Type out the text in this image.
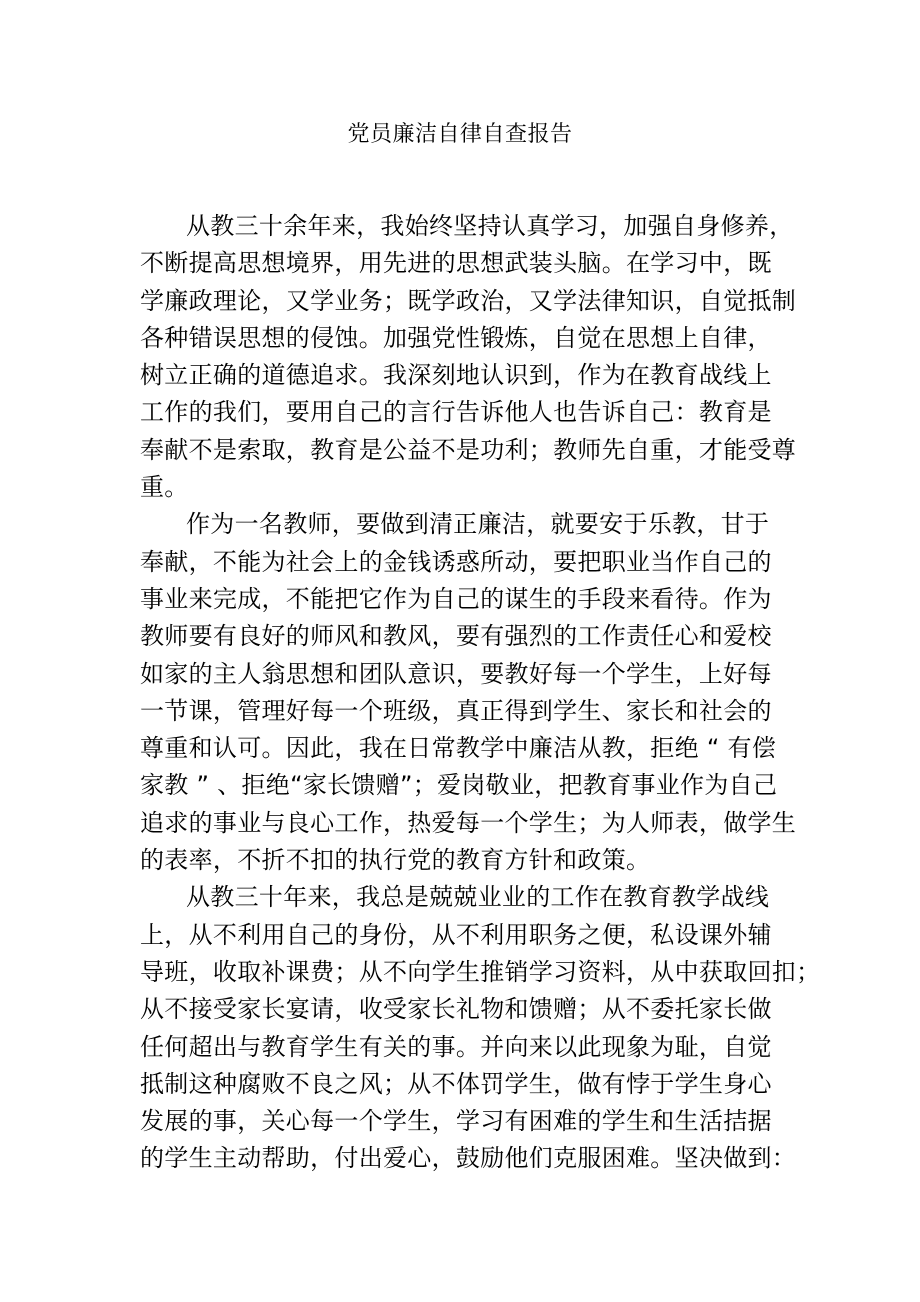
党员廉洁自律自查报告
从教三十余年来，我始终坚持认真学习，加强自身修养，
不断提高思想境界，用先进的思想武装头脑。在学习中，既
学廉政理论，又学业务；既学政治，又学法律知识，自觉抵制
各种错误思想的侵蚀。加强党性锻炼，自觉在思想上自律，
树立正确的道德追求。我深刻地认识到，作为在教育战线上
工作的我们，要用自己的言行告诉他人也告诉自己：教育是
奉献不是索取，教育是公益不是功利；教师先自重，才能受尊
重。
作为一名教师，要做到清正廉洁，就要安于乐教，甘于
奉献，不能为社会上的金钱诱惑所动，要把职业当作自己的
事业来完成，不能把它作为自己的谋生的手段来看待。作为
教师要有良好的师风和教风，要有强烈的工作责任心和爱校
如家的主人翁思想和团队意识，要教好每一个学生，上好每
一节课，管理好每一个班级，真正得到学生、家长和社会的
尊重和认可。因此，我在日常教学中廉洁从教，拒绝 “ 有偿
家教 ” 、拒绝“家长馈赠”；爱岗敬业，把教育事业作为自己
追求的事业与良心工作，热爱每一个学生；为人师表，做学生
的表率，不折不扣的执行党的教育方针和政策。
从教三十年来，我总是兢兢业业的工作在教育教学战线
上，从不利用自己的身份，从不利用职务之便，私设课外辅
导班，收取补课费；从不向学生推销学习资料，从中获取回扣；
从不接受家长宴请，收受家长礼物和馈赠；从不委托家长做
任何超出与教育学生有关的事。并向来以此现象为耻，自觉
抵制这种腐败不良之风；从不体罚学生，做有悖于学生身心
发展的事，关心每一个学生，学习有困难的学生和生活拮据
的学生主动帮助，付出爱心，鼓励他们克服困难。坚决做到：
